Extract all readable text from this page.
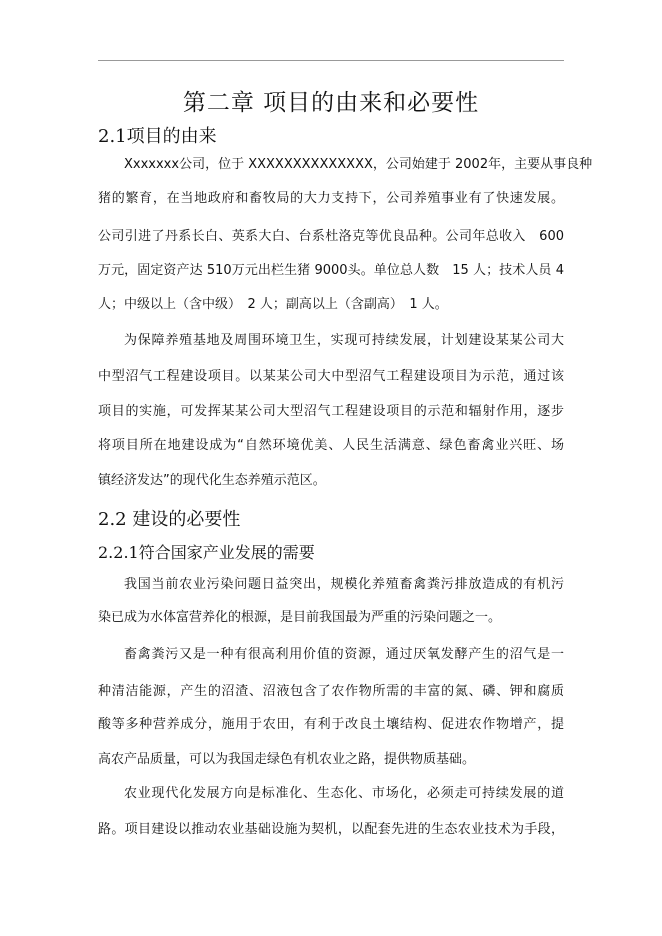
第二章 项目的由来和必要性
2.1项目的由来

Xxxxxxx公司，位于 XXXXXXXXXXXXXX，公司始建于 2002年，主要从事良种

猪的繁育，在当地政府和畜牧局的大力支持下，公司养殖事业有了快速发展。

公司引进了丹系长白、英系大白、台系杜洛克等优良品种。公司年总收入　600

万元，固定资产达 510万元出栏生猪 9000头。单位总人数　15 人；技术人员 4

人；中级以上（含中级）　2 人；副高以上（含副高）　1 人。

为保障养殖基地及周围环境卫生，实现可持续发展，计划建设某某公司大

中型沼气工程建设项目。以某某公司大中型沼气工程建设项目为示范，通过该

项目的实施，可发挥某某公司大型沼气工程建设项目的示范和辐射作用，逐步

将项目所在地建设成为“自然环境优美、人民生活满意、绿色畜禽业兴旺、场

镇经济发达”的现代化生态养殖示范区。

2.2 建设的必要性
2.2.1符合国家产业发展的需要

我国当前农业污染问题日益突出，规模化养殖畜禽粪污排放造成的有机污

染已成为水体富营养化的根源，是目前我国最为严重的污染问题之一。

畜禽粪污又是一种有很高利用价值的资源，通过厌氧发酵产生的沼气是一

种清洁能源，产生的沼渣、沼液包含了农作物所需的丰富的氮、磷、钾和腐质

酸等多种营养成分，施用于农田，有利于改良土壤结构、促进农作物增产，提

高农产品质量，可以为我国走绿色有机农业之路，提供物质基础。

农业现代化发展方向是标准化、生态化、市场化，必须走可持续发展的道

路。项目建设以推动农业基础设施为契机，以配套先进的生态农业技术为手段，
